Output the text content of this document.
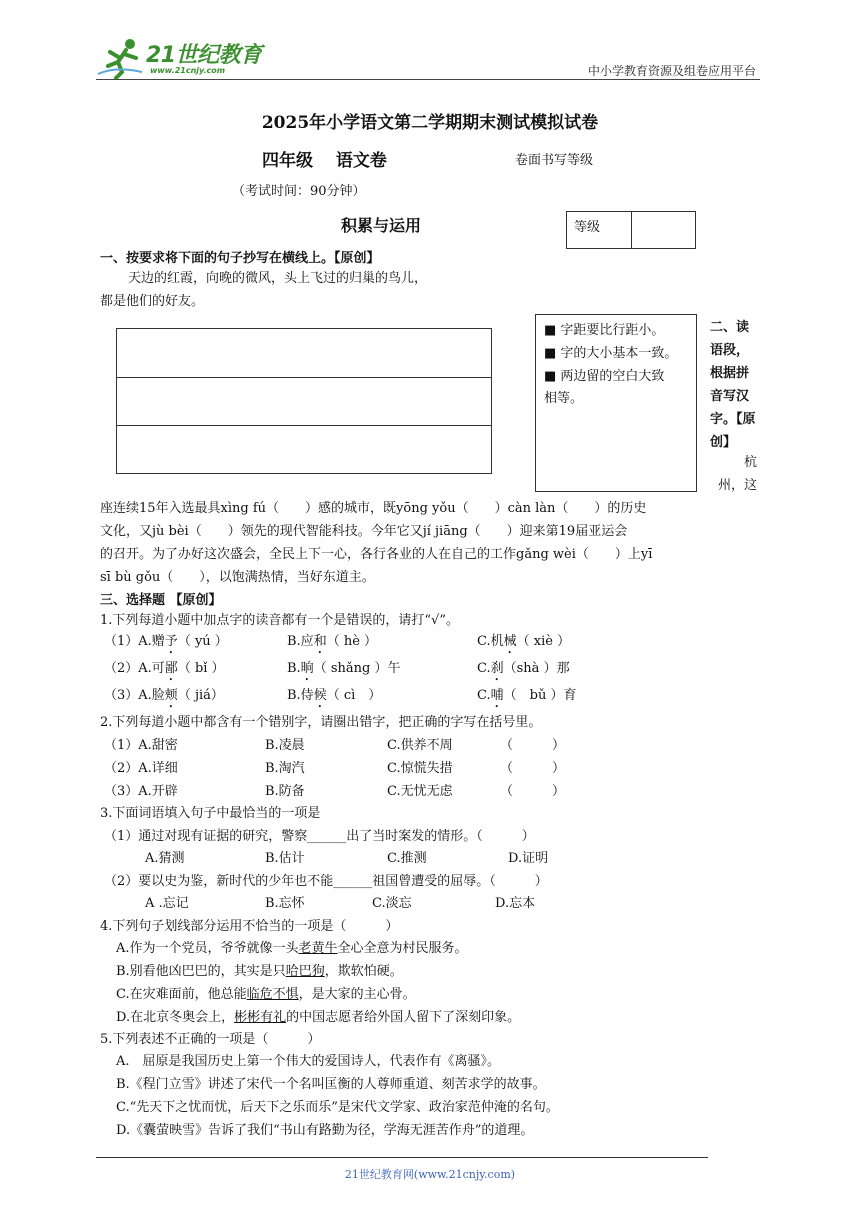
21世纪教育
www.21cnjy.com	中小学教育资源及组卷应用平台
2025年小学语文第二学期期末测试模拟试卷
四年级　 语文卷	卷面书写等级
（考试时间：90分钟）
积累与运用	等级
一、按要求将下面的句子抄写在横线上。【原创】
天边的红霞，向晚的微风，头上飞过的归巢的鸟儿，
都是他们的好友。
■ 字距要比行距小。
■ 字的大小基本一致。
■ 两边留的空白大致
相等。
二、读
语段，
根据拼
音写汉
字。【原
创】
杭
州，这
座连续15年入选最具xìng fú（　　）感的城市，既yōng yǒu（　　）càn làn（　　）的历史
文化，又jù bèi（　　）领先的现代智能科技。今年它又jí jiāng（　　）迎来第19届亚运会
的召开。为了办好这次盛会，全民上下一心，各行各业的人在自己的工作gǎng wèi（　　）上yī
sī bù gǒu（　　），以饱满热情，当好东道主。
三、选择题 【原创】
1.下列每道小题中加点字的读音都有一个是错误的，请打“√”。
（1）A.赠予（ yú ）	B.应和（ hè ）	C.机械（ xiè ）
（2）A.可鄙（ bǐ ）	B.晌（ shǎng ）午	C.刹（shà ）那
（3）A.脸颊（ jiá）	B.侍候（ cì　）	C.哺（　bǔ ）育
2.下列每道小题中都含有一个错别字，请圈出错字，把正确的字写在括号里。
（1）A.甜密	B.凌晨	C.供养不周	（　　　）
（2）A.详细	B.淘汽	C.惊慌失措	（　　　）
（3）A.开辟	B.防备	C.无忧无虑	（　　　）
3.下面词语填入句子中最恰当的一项是
（1）通过对现有证据的研究，警察______出了当时案发的情形。（　　　）
A.猜测	B.估计	C.推测	D.证明
（2）要以史为鉴，新时代的少年也不能______祖国曾遭受的屈辱。（　　　）
A .忘记	B.忘怀	C.淡忘	D.忘本
4.下列句子划线部分运用不恰当的一项是（　　　）
A.作为一个党员，爷爷就像一头老黄牛全心全意为村民服务。
B.别看他凶巴巴的，其实是只哈巴狗，欺软怕硬。
C.在灾难面前，他总能临危不惧，是大家的主心骨。
D.在北京冬奥会上，彬彬有礼的中国志愿者给外国人留下了深刻印象。
5.下列表述不正确的一项是（　　　）
A.　屈原是我国历史上第一个伟大的爱国诗人，代表作有《离骚》。
B.《程门立雪》讲述了宋代一个名叫匡衡的人尊师重道、刻苦求学的故事。
C.“先天下之忧而忧，后天下之乐而乐”是宋代文学家、政治家范仲淹的名句。
D.《囊萤映雪》告诉了我们“书山有路勤为径，学海无涯苦作舟”的道理。
21世纪教育网(www.21cnjy.com)
